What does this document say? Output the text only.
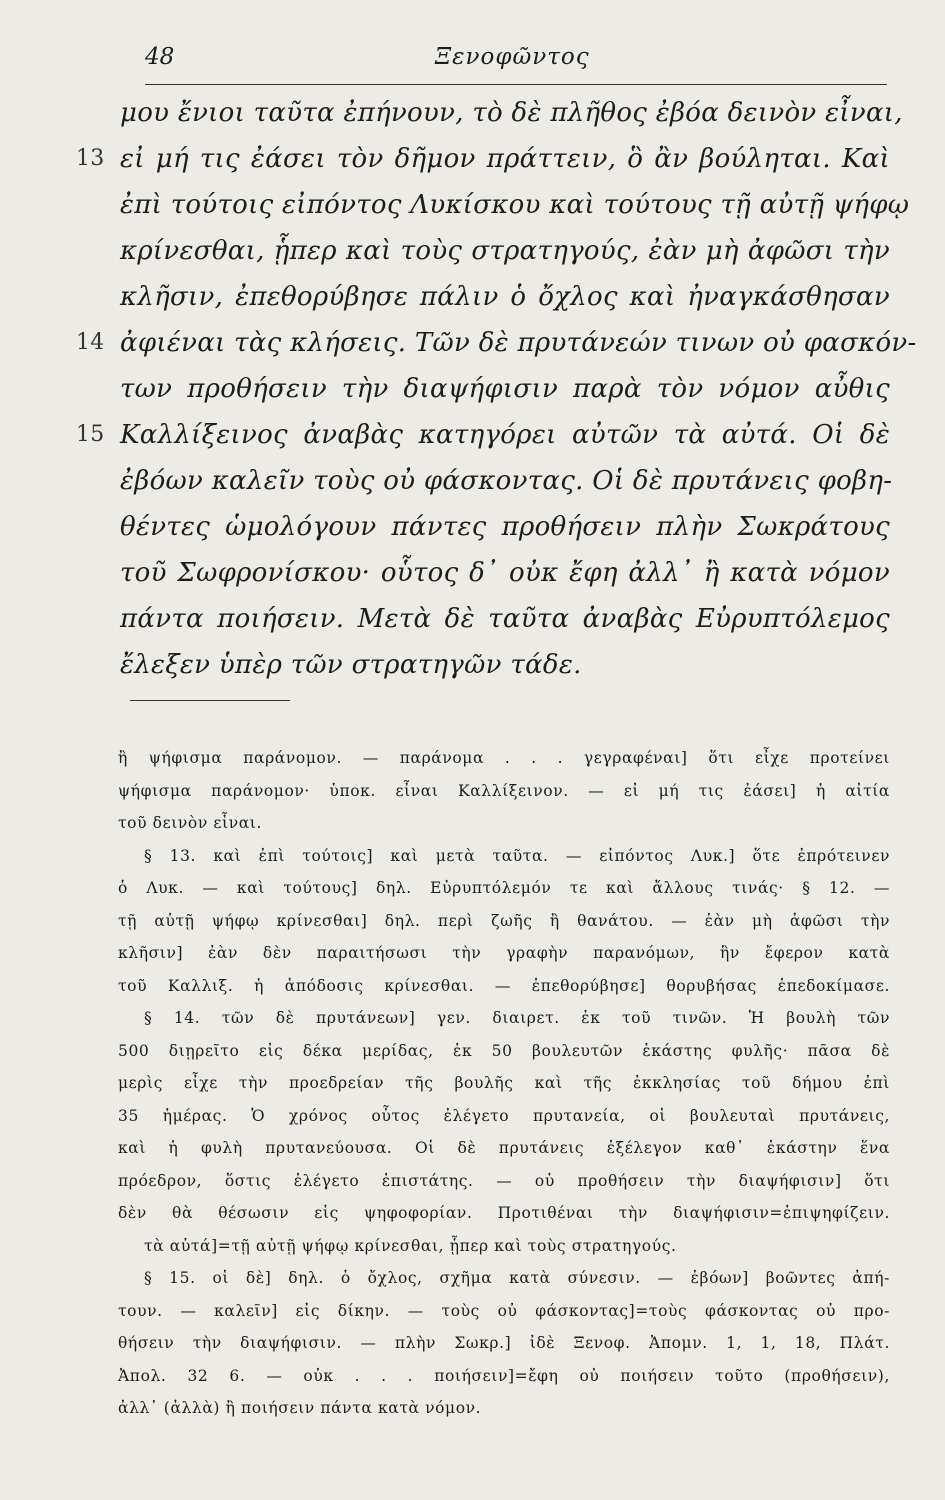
48	Ξενοφῶντος
μου ἔνιοι ταῦτα ἐπήνουν, τὸ δὲ πλῆθος ἐβόα δεινὸν εἶναι,
13 εἰ μή τις ἐάσει τὸν δῆμον πράττειν, ὃ ἂν βούληται. Καὶ
ἐπὶ τούτοις εἰπόντος Λυκίσκου καὶ τούτους τῇ αὐτῇ ψήφῳ
κρίνεσθαι, ᾗπερ καὶ τοὺς στρατηγούς, ἐὰν μὴ ἀφῶσι τὴν
κλῆσιν, ἐπεθορύβησε πάλιν ὁ ὄχλος καὶ ἠναγκάσθησαν
14 ἀφιέναι τὰς κλήσεις. Τῶν δὲ πρυτάνεών τινων οὐ φασκόν-
των προθήσειν τὴν διαψήφισιν παρὰ τὸν νόμον αὖθις
15 Καλλίξεινος ἀναβὰς κατηγόρει αὐτῶν τὰ αὐτά. Οἱ δὲ
ἐβόων καλεῖν τοὺς οὐ φάσκοντας. Οἱ δὲ πρυτάνεις φοβη-
θέντες ὡμολόγουν πάντες προθήσειν πλὴν Σωκράτους
τοῦ Σωφρονίσκου· οὗτος δ᾽ οὐκ ἔφη ἀλλ᾽ ἢ κατὰ νόμον
πάντα ποιήσειν. Μετὰ δὲ ταῦτα ἀναβὰς Εὐρυπτόλεμος
ἔλεξεν ὑπὲρ τῶν στρατηγῶν τάδε.
ἢ ψήφισμα παράνομον. — παράνομα . . . γεγραφέναι] ὅτι εἶχε προτείνει
ψήφισμα παράνομον· ὑποκ. εἶναι Καλλίξεινον. — εἰ μή τις ἐάσει] ἡ αἰτία
τοῦ δεινὸν εἶναι.
§ 13. καὶ ἐπὶ τούτοις] καὶ μετὰ ταῦτα. — εἰπόντος Λυκ.] ὅτε ἐπρότεινεν
ὁ Λυκ. — καὶ τούτους] δηλ. Εὐρυπτόλεμόν τε καὶ ἄλλους τινάς· § 12. —
τῇ αὐτῇ ψήφῳ κρίνεσθαι] δηλ. περὶ ζωῆς ἢ θανάτου. — ἐὰν μὴ ἀφῶσι τὴν
κλῆσιν] ἐὰν δὲν παραιτήσωσι τὴν γραφὴν παρανόμων, ἣν ἔφερον κατὰ
τοῦ Καλλιξ. ἡ ἀπόδοσις κρίνεσθαι. — ἐπεθορύβησε] θορυβήσας ἐπεδοκίμασε.
§ 14. τῶν δὲ πρυτάνεων] γεν. διαιρετ. ἐκ τοῦ τινῶν. Ἡ βουλὴ τῶν
500 διῃρεῖτο εἰς δέκα μερίδας, ἐκ 50 βουλευτῶν ἑκάστης φυλῆς· πᾶσα δὲ
μερὶς εἶχε τὴν προεδρείαν τῆς βουλῆς καὶ τῆς ἐκκλησίας τοῦ δήμου ἐπὶ
35 ἡμέρας. Ὁ χρόνος οὗτος ἐλέγετο πρυτανεία, οἱ βουλευταὶ πρυτάνεις,
καὶ ἡ φυλὴ πρυτανεύουσα. Οἱ δὲ πρυτάνεις ἐξέλεγον καθ᾽ ἑκάστην ἕνα
πρόεδρον, ὅστις ἐλέγετο ἐπιστάτης. — οὐ προθήσειν τὴν διαψήφισιν] ὅτι
δὲν θὰ θέσωσιν εἰς ψηφοφορίαν. Προτιθέναι τὴν διαψήφισιν=ἐπιψηφίζειν.
τὰ αὐτά]=τῇ αὐτῇ ψήφῳ κρίνεσθαι, ᾗπερ καὶ τοὺς στρατηγούς.
§ 15. οἱ δὲ] δηλ. ὁ ὄχλος, σχῆμα κατὰ σύνεσιν. — ἐβόων] βοῶντες ἀπή-
τουν. — καλεῖν] εἰς δίκην. — τοὺς οὐ φάσκοντας]=τοὺς φάσκοντας οὐ προ-
θήσειν τὴν διαψήφισιν. — πλὴν Σωκρ.] ἰδὲ Ξενοφ. Ἀπομν. 1, 1, 18, Πλάτ.
Ἀπολ. 32 6. — οὐκ . . . ποιήσειν]=ἔφη οὐ ποιήσειν τοῦτο (προθήσειν),
ἀλλ᾽ (ἀλλὰ) ἢ ποιήσειν πάντα κατὰ νόμον.
